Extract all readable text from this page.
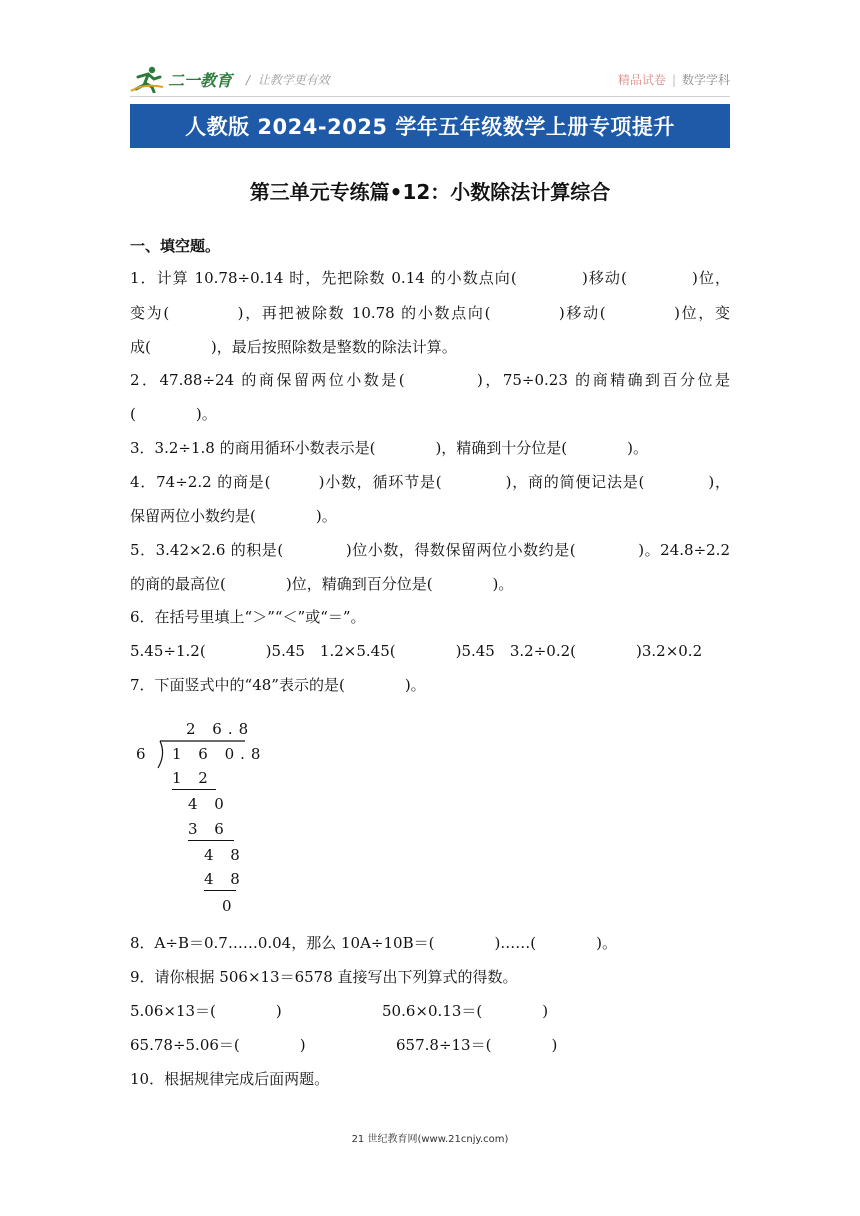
二一教育 /  让教学更有效	精品试卷 | 数学学科
人教版 2024-2025 学年五年级数学上册专项提升
第三单元专练篇•12：小数除法计算综合
一、填空题。
1．计算 10.78÷0.14 时，先把除数 0.14 的小数点向(　　　　)移动(　　　　)位，
变为(　　　　)，再把被除数 10.78 的小数点向(　　　　)移动(　　　　)位，变
成(　　　　)，最后按照除数是整数的除法计算。
2．47.88÷24 的商保留两位小数是(　　　　)，75÷0.23 的商精确到百分位是
(　　　　)。
3．3.2÷1.8 的商用循环小数表示是(　　　　)，精确到十分位是(　　　　)。
4．74÷2.2 的商是(　　　)小数，循环节是(　　　　)，商的简便记法是(　　　　)，
保留两位小数约是(　　　　)。
5．3.42×2.6 的积是(　　　　)位小数，得数保留两位小数约是(　　　　)。24.8÷2.2
的商的最高位(　　　　)位，精确到百分位是(　　　　)。
6．在括号里填上“＞”“＜”或“＝”。
5.45÷1.2(　　　　)5.45　1.2×5.45(　　　　)5.45　3.2÷0.2(　　　　)3.2×0.2
7．下面竖式中的“48”表示的是(　　　　)。
2 6.8
6 1 6 0.8
1 2
4 0
3 6
4 8
4 8
0
8．A÷B＝0.7……0.04，那么 10A÷10B＝(　　　　)……(　　　　)。
9．请你根据 506×13＝6578 直接写出下列算式的得数。
5.06×13＝(　　　　)	50.6×0.13＝(　　　　)
65.78÷5.06＝(　　　　)	657.8÷13＝(　　　　)
10．根据规律完成后面两题。
21 世纪教育网(www.21cnjy.com)
